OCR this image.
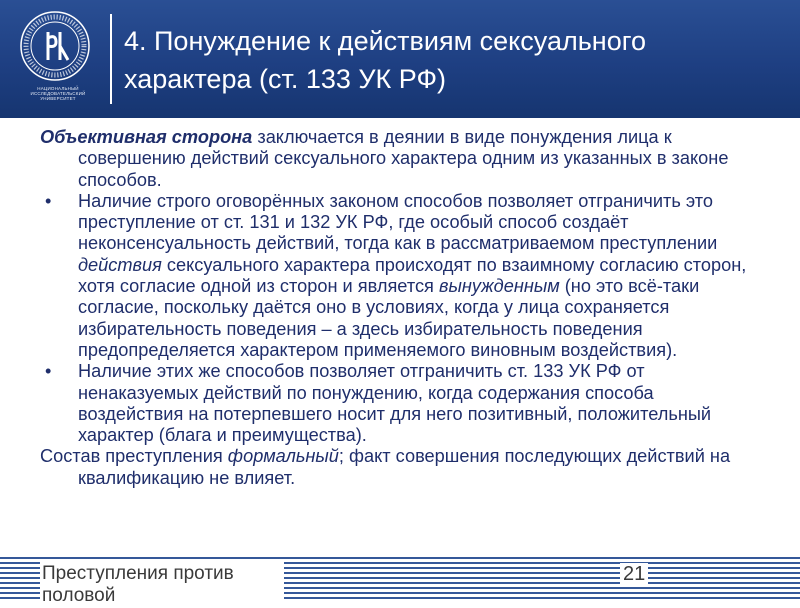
НАЦИОНАЛЬНЫЙ ИССЛЕДОВАТЕЛЬСКИЙ УНИВЕРСИТЕТ
4. Понуждение к действиям сексуального
характера (ст. 133 УК РФ)

Объективная сторона заключается в деянии в виде понуждения лица к совершению действий сексуального характера одним из указанных в законе способов.

• Наличие строго оговорённых законом способов позволяет отграничить это преступление от ст. 131 и 132 УК РФ, где особый способ создаёт неконсенсуальность действий, тогда как в рассматриваемом преступлении действия сексуального характера происходят по взаимному согласию сторон, хотя согласие одной из сторон и является вынужденным (но это всё-таки согласие, поскольку даётся оно в условиях, когда у лица сохраняется избирательность поведения – а здесь избирательность поведения предопределяется характером применяемого виновным воздействия).

• Наличие этих же способов позволяет отграничить ст. 133 УК РФ от ненаказуемых действий по понуждению, когда содержания способа воздействия на потерпевшего носит для него позитивный, положительный характер (блага и преимущества).

Состав преступления формальный; факт совершения последующих действий на квалификацию не влияет.

Преступления против половой
21
